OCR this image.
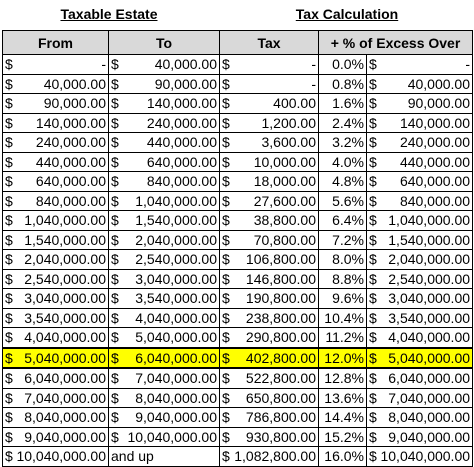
Taxable Estate	Tax Calculation
From	To	Tax	+ % of Excess Over	

$ -	$ 40,000.00	$ -	0.0%	$ -

$ 40,000.00	$ 90,000.00	$ -	0.8%	$ 40,000.00

$ 90,000.00	$ 140,000.00	$ 400.00	1.6%	$ 90,000.00

$ 140,000.00	$ 240,000.00	$ 1,200.00	2.4%	$ 140,000.00

$ 240,000.00	$ 440,000.00	$ 3,600.00	3.2%	$ 240,000.00

$ 440,000.00	$ 640,000.00	$ 10,000.00	4.0%	$ 440,000.00

$ 640,000.00	$ 840,000.00	$ 18,000.00	4.8%	$ 640,000.00

$ 840,000.00	$ 1,040,000.00	$ 27,600.00	5.6%	$ 840,000.00

$ 1,040,000.00	$ 1,540,000.00	$ 38,800.00	6.4%	$ 1,040,000.00

$ 1,540,000.00	$ 2,040,000.00	$ 70,800.00	7.2%	$ 1,540,000.00

$ 2,040,000.00	$ 2,540,000.00	$ 106,800.00	8.0%	$ 2,040,000.00

$ 2,540,000.00	$ 3,040,000.00	$ 146,800.00	8.8%	$ 2,540,000.00

$ 3,040,000.00	$ 3,540,000.00	$ 190,800.00	9.6%	$ 3,040,000.00

$ 3,540,000.00	$ 4,040,000.00	$ 238,800.00	10.4%	$ 3,540,000.00

$ 4,040,000.00	$ 5,040,000.00	$ 290,800.00	11.2%	$ 4,040,000.00

$ 5,040,000.00	$ 6,040,000.00	$ 402,800.00	12.0%	$ 5,040,000.00

$ 6,040,000.00	$ 7,040,000.00	$ 522,800.00	12.8%	$ 6,040,000.00

$ 7,040,000.00	$ 8,040,000.00	$ 650,800.00	13.6%	$ 7,040,000.00

$ 8,040,000.00	$ 9,040,000.00	$ 786,800.00	14.4%	$ 8,040,000.00

$ 9,040,000.00	$ 10,040,000.00	$ 930,800.00	15.2%	$ 9,040,000.00

$ 10,040,000.00	and up	$ 1,082,800.00	16.0%	$ 10,040,000.00
